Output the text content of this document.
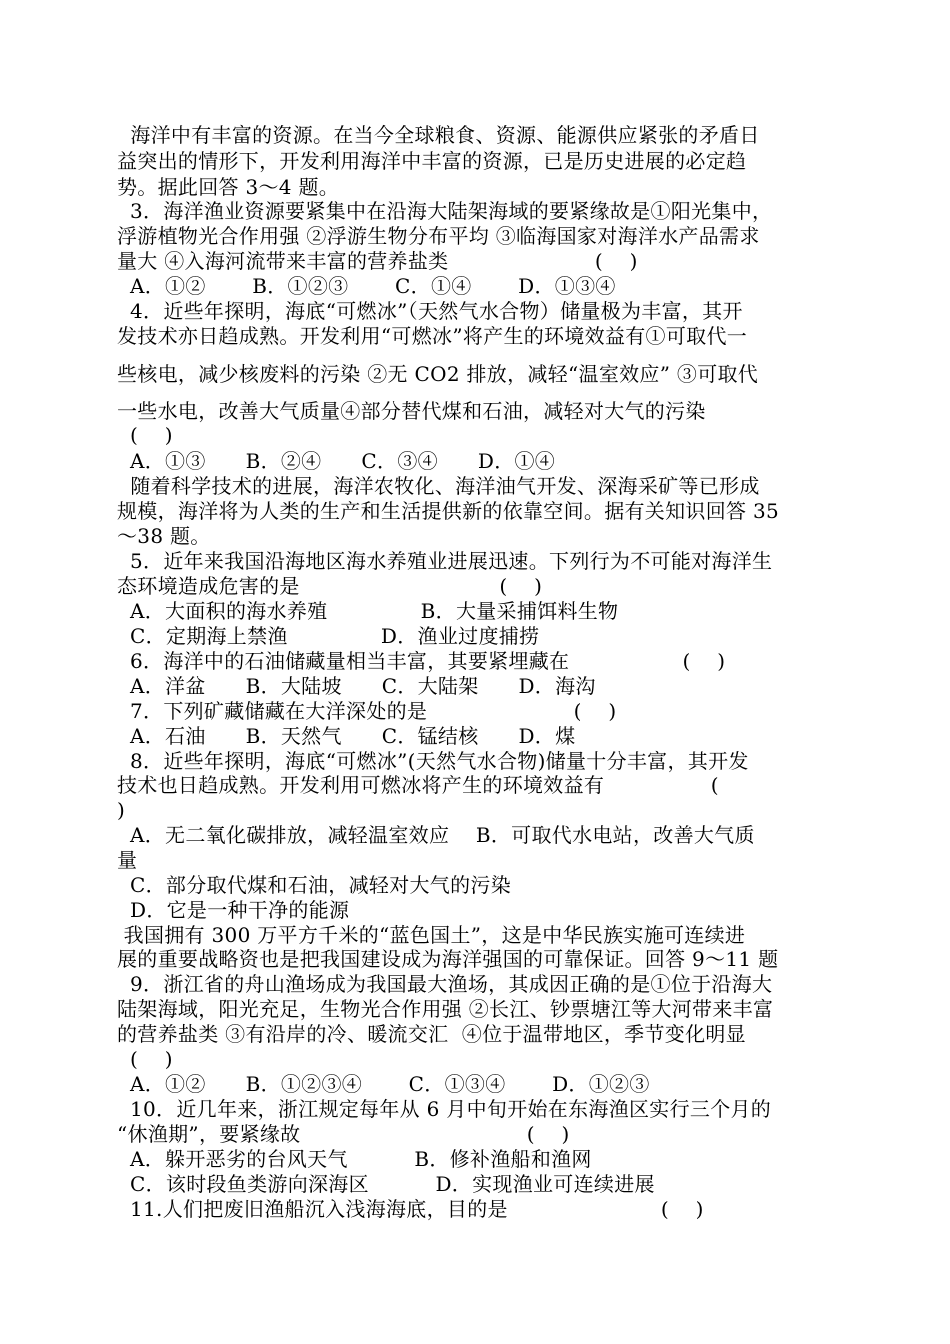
海洋中有丰富的资源。在当今全球粮食、资源、能源供应紧张的矛盾日
益突出的情形下，开发利用海洋中丰富的资源，已是历史进展的必定趋
势。据此回答 3～4 题。
3．海洋渔业资源要紧集中在沿海大陆架海域的要紧缘故是①阳光集中，
浮游植物光合作用强 ②浮游生物分布平均 ③临海国家对海洋水产品需求
量大 ④入海河流带来丰富的营养盐类                      (    )
A．①②       B．①②③       C．①④       D．①③④
4．近些年探明，海底“可燃冰”（天然气水合物）储量极为丰富，其开
发技术亦日趋成熟。开发利用“可燃冰”将产生的环境效益有①可取代一
些核电，减少核废料的污染 ②无 CO2 排放，减轻“温室效应” ③可取代
一些水电，改善大气质量④部分替代煤和石油，减轻对大气的污染
(    )
A．①③      B．②④      C．③④      D．①④
随着科学技术的进展，海洋农牧化、海洋油气开发、深海采矿等已形成
规模，海洋将为人类的生产和生活提供新的依靠空间。据有关知识回答 35
～38 题。
5．近年来我国沿海地区海水养殖业进展迅速。下列行为不可能对海洋生
态环境造成危害的是                              (    )
A．大面积的海水养殖              B．大量采捕饵料生物
C．定期海上禁渔              D．渔业过度捕捞
6．海洋中的石油储藏量相当丰富，其要紧埋藏在                 (    )
A．洋盆      B．大陆坡      C．大陆架      D．海沟
7．下列矿藏储藏在大洋深处的是                      (    )
A．石油      B．天然气      C．锰结核      D．煤
8．近些年探明，海底“可燃冰”(天然气水合物)储量十分丰富，其开发
技术也日趋成熟。开发利用可燃冰将产生的环境效益有                (
)
A．无二氧化碳排放，减轻温室效应    B．可取代水电站，改善大气质
量
C．部分取代煤和石油，减轻对大气的污染
D．它是一种干净的能源
我国拥有 300 万平方千米的“蓝色国土”，这是中华民族实施可连续进
展的重要战略资也是把我国建设成为海洋强国的可靠保证。回答 9～11 题
9．浙江省的舟山渔场成为我国最大渔场，其成因正确的是①位于沿海大
陆架海域，阳光充足，生物光合作用强 ②长江、钞票塘江等大河带来丰富
的营养盐类 ③有沿岸的冷、暖流交汇  ④位于温带地区，季节变化明显
(    )
A．①②      B．①②③④       C．①③④       D．①②③
10．近几年来，浙江规定每年从 6 月中旬开始在东海渔区实行三个月的
“休渔期”，要紧缘故                                  (    )
A．躲开恶劣的台风天气          B．修补渔船和渔网
C．该时段鱼类游向深海区          D．实现渔业可连续进展
11.人们把废旧渔船沉入浅海海底，目的是                       (    )
